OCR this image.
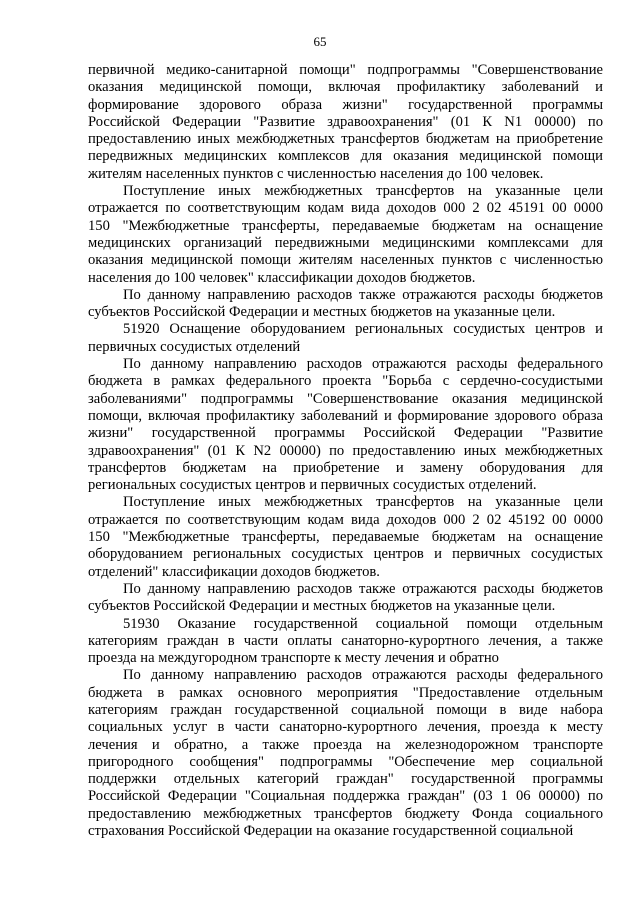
65
первичной медико-санитарной помощи" подпрограммы "Совершенствование
оказания медицинской помощи, включая профилактику заболеваний и
формирование здорового образа жизни" государственной программы
Российской Федерации "Развитие здравоохранения" (01 К N1 00000) по
предоставлению иных межбюджетных трансфертов бюджетам на приобретение
передвижных медицинских комплексов для оказания медицинской помощи
жителям населенных пунктов с численностью населения до 100 человек.
Поступление иных межбюджетных трансфертов на указанные цели
отражается по соответствующим кодам вида доходов 000 2 02 45191 00 0000
150 "Межбюджетные трансферты, передаваемые бюджетам на оснащение
медицинских организаций передвижными медицинскими комплексами для
оказания медицинской помощи жителям населенных пунктов с численностью
населения до 100 человек" классификации доходов бюджетов.
По данному направлению расходов также отражаются расходы бюджетов
субъектов Российской Федерации и местных бюджетов на указанные цели.
51920 Оснащение оборудованием региональных сосудистых центров и
первичных сосудистых отделений
По данному направлению расходов отражаются расходы федерального
бюджета в рамках федерального проекта "Борьба с сердечно-сосудистыми
заболеваниями" подпрограммы "Совершенствование оказания медицинской
помощи, включая профилактику заболеваний и формирование здорового образа
жизни" государственной программы Российской Федерации "Развитие
здравоохранения" (01 К N2 00000) по предоставлению иных межбюджетных
трансфертов бюджетам на приобретение и замену оборудования для
региональных сосудистых центров и первичных сосудистых отделений.
Поступление иных межбюджетных трансфертов на указанные цели
отражается по соответствующим кодам вида доходов 000 2 02 45192 00 0000
150 "Межбюджетные трансферты, передаваемые бюджетам на оснащение
оборудованием региональных сосудистых центров и первичных сосудистых
отделений" классификации доходов бюджетов.
По данному направлению расходов также отражаются расходы бюджетов
субъектов Российской Федерации и местных бюджетов на указанные цели.
51930 Оказание государственной социальной помощи отдельным
категориям граждан в части оплаты санаторно-курортного лечения, а также
проезда на междугородном транспорте к месту лечения и обратно
По данному направлению расходов отражаются расходы федерального
бюджета в рамках основного мероприятия "Предоставление отдельным
категориям граждан государственной социальной помощи в виде набора
социальных услуг в части санаторно-курортного лечения, проезда к месту
лечения и обратно, а также проезда на железнодорожном транспорте
пригородного сообщения" подпрограммы "Обеспечение мер социальной
поддержки отдельных категорий граждан" государственной программы
Российской Федерации "Социальная поддержка граждан" (03 1 06 00000) по
предоставлению межбюджетных трансфертов бюджету Фонда социального
страхования Российской Федерации на оказание государственной социальной
